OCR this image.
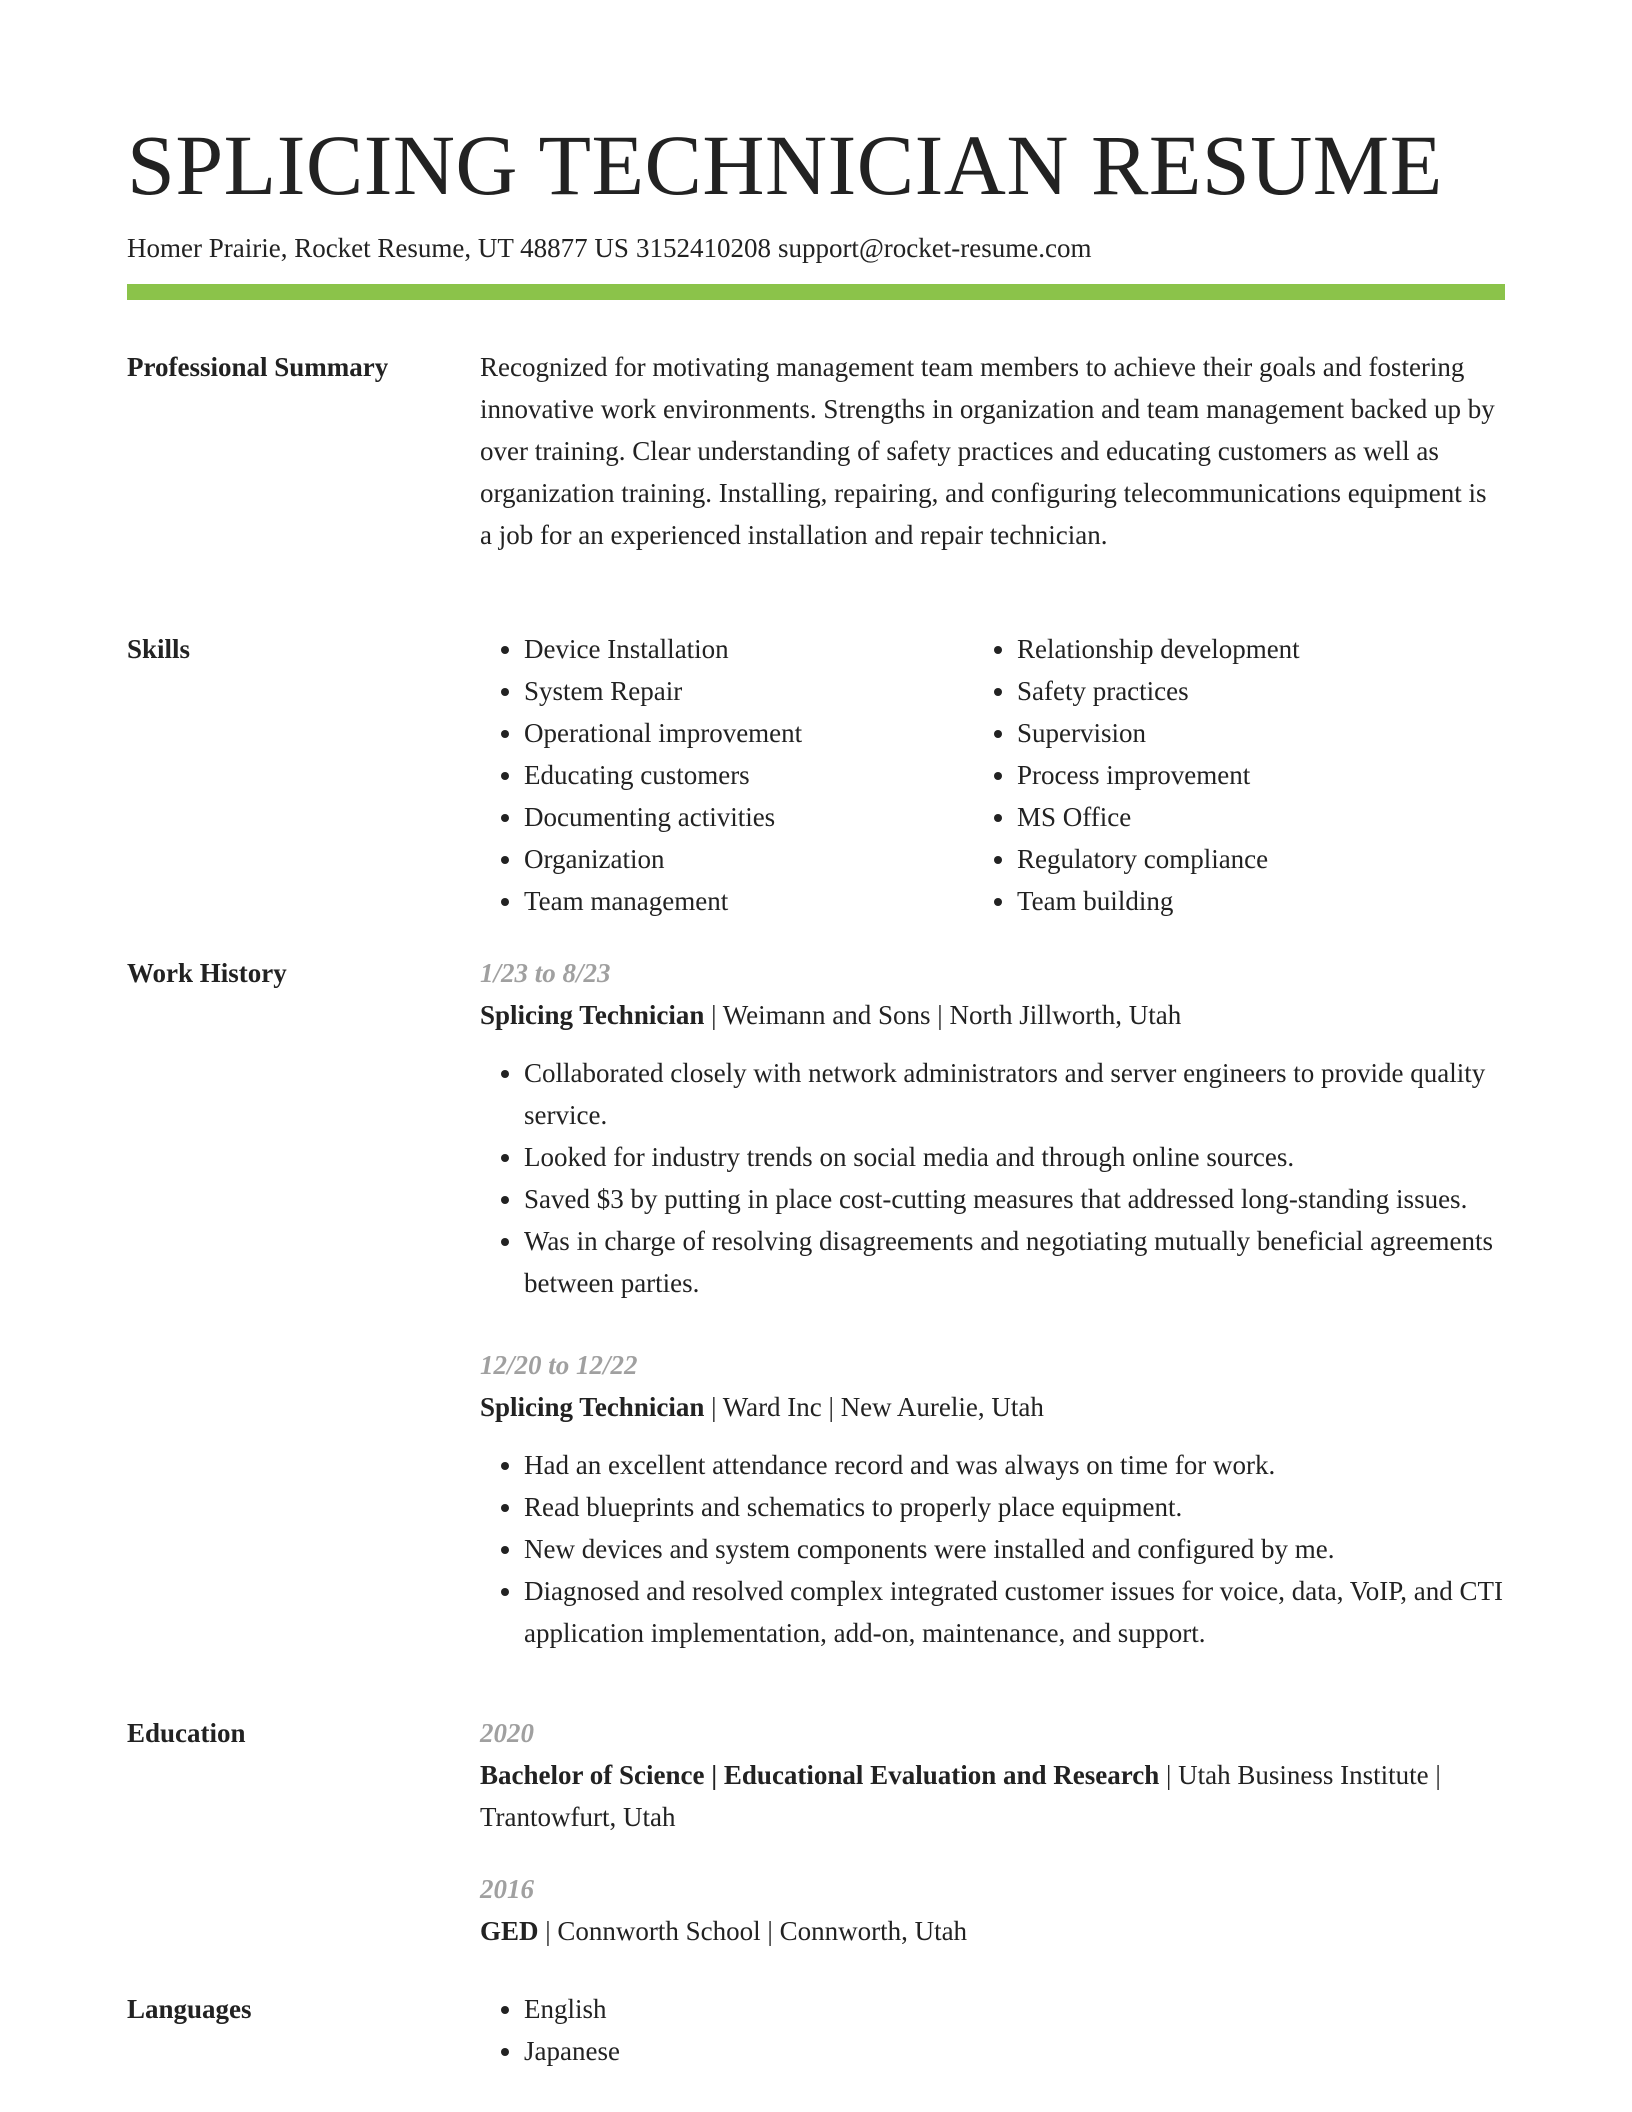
SPLICING TECHNICIAN RESUME
Homer Prairie, Rocket Resume, UT 48877 US 3152410208 support@rocket-resume.com
Professional Summary	Recognized for motivating management team members to achieve their goals and fostering innovative work environments. Strengths in organization and team management backed up by over training. Clear understanding of safety practices and educating customers as well as organization training. Installing, repairing, and configuring telecommunications equipment is a job for an experienced installation and repair technician.

Skills	• Device Installation
• System Repair
• Operational improvement
• Educating customers
• Documenting activities
• Organization
• Team management
• Relationship development
• Safety practices
• Supervision
• Process improvement
• MS Office
• Regulatory compliance
• Team building
Work History	1/23 to 8/23
Splicing Technician | Weimann and Sons | North Jillworth, Utah
• Collaborated closely with network administrators and server engineers to provide quality service.
• Looked for industry trends on social media and through online sources.
• Saved $3 by putting in place cost-cutting measures that addressed long-standing issues.
• Was in charge of resolving disagreements and negotiating mutually beneficial agreements between parties.
12/20 to 12/22
Splicing Technician | Ward Inc | New Aurelie, Utah
• Had an excellent attendance record and was always on time for work.
• Read blueprints and schematics to properly place equipment.
• New devices and system components were installed and configured by me.
• Diagnosed and resolved complex integrated customer issues for voice, data, VoIP, and CTI application implementation, add-on, maintenance, and support.
Education	2020
Bachelor of Science | Educational Evaluation and Research | Utah Business Institute | Trantowfurt, Utah
2016
GED | Connworth School | Connworth, Utah
Languages	• English
• Japanese
